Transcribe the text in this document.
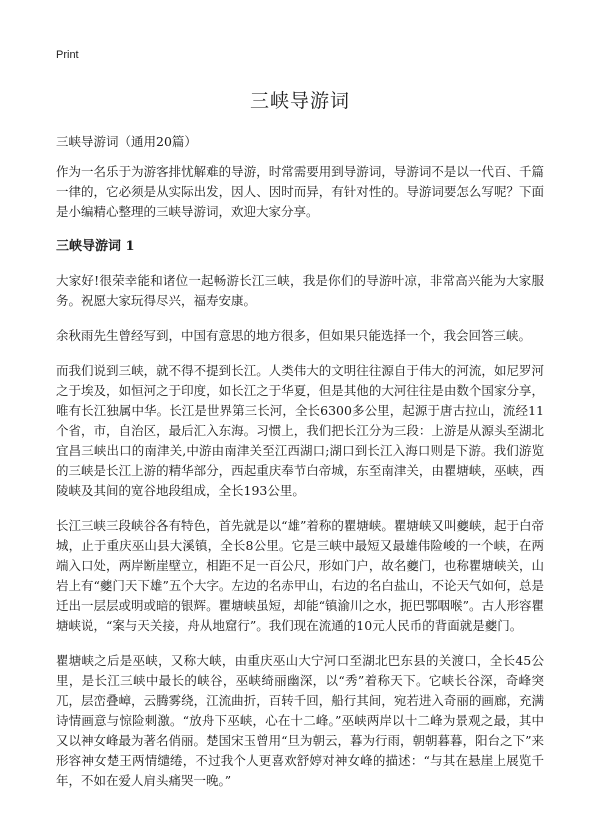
Print
三峡导游词
三峡导游词（通用20篇）

作为一名乐于为游客排忧解难的导游，时常需要用到导游词，导游词不是以一代百、千篇一律的，它必须是从实际出发，因人、因时而异，有针对性的。导游词要怎么写呢？下面是小编精心整理的三峡导游词，欢迎大家分享。

三峡导游词 1

大家好!很荣幸能和诸位一起畅游长江三峡，我是你们的导游叶凉，非常高兴能为大家服务。祝愿大家玩得尽兴，福寿安康。

余秋雨先生曾经写到，中国有意思的地方很多，但如果只能选择一个，我会回答三峡。

而我们说到三峡，就不得不提到长江。人类伟大的文明往往源自于伟大的河流，如尼罗河之于埃及，如恒河之于印度，如长江之于华夏，但是其他的大河往往是由数个国家分享，唯有长江独属中华。长江是世界第三长河，全长6300多公里，起源于唐古拉山，流经11个省，市，自治区，最后汇入东海。习惯上，我们把长江分为三段：上游是从源头至湖北宜昌三峡出口的南津关,中游由南津关至江西湖口;湖口到长江入海口则是下游。我们游览的三峡是长江上游的精华部分，西起重庆奉节白帝城，东至南津关，由瞿塘峡，巫峡，西陵峡及其间的宽谷地段组成，全长193公里。

长江三峡三段峡谷各有特色，首先就是以“雄”着称的瞿塘峡。瞿塘峡又叫夔峡，起于白帝城，止于重庆巫山县大溪镇，全长8公里。它是三峡中最短又最雄伟险峻的一个峡，在两端入口处，两岸断崖壁立，相距不足一百公尺，形如门户，故名夔门，也称瞿塘峡关，山岩上有“夔门天下雄”五个大字。左边的名赤甲山，右边的名白盐山，不论天气如何，总是迁出一层层或明或暗的银辉。瞿塘峡虽短，却能“镇渝川之水，扼巴鄂咽喉”。古人形容瞿塘峡说，“案与天关接，舟从地窟行”。我们现在流通的10元人民币的背面就是夔门。

瞿塘峡之后是巫峡，又称大峡，由重庆巫山大宁河口至湖北巴东县的关渡口，全长45公里，是长江三峡中最长的峡谷，巫峡绮丽幽深，以“秀”着称天下。它峡长谷深，奇峰突兀，层峦叠嶂，云腾雾绕，江流曲折，百转千回，船行其间，宛若进入奇丽的画廊，充满诗情画意与惊险刺激。“放舟下巫峡，心在十二峰。”巫峡两岸以十二峰为景观之最，其中又以神女峰最为著名俏丽。楚国宋玉曾用“旦为朝云，暮为行雨，朝朝暮暮，阳台之下”来形容神女楚王两情缱绻，不过我个人更喜欢舒婷对神女峰的描述：“与其在悬崖上展览千年，不如在爱人肩头痛哭一晚。”
